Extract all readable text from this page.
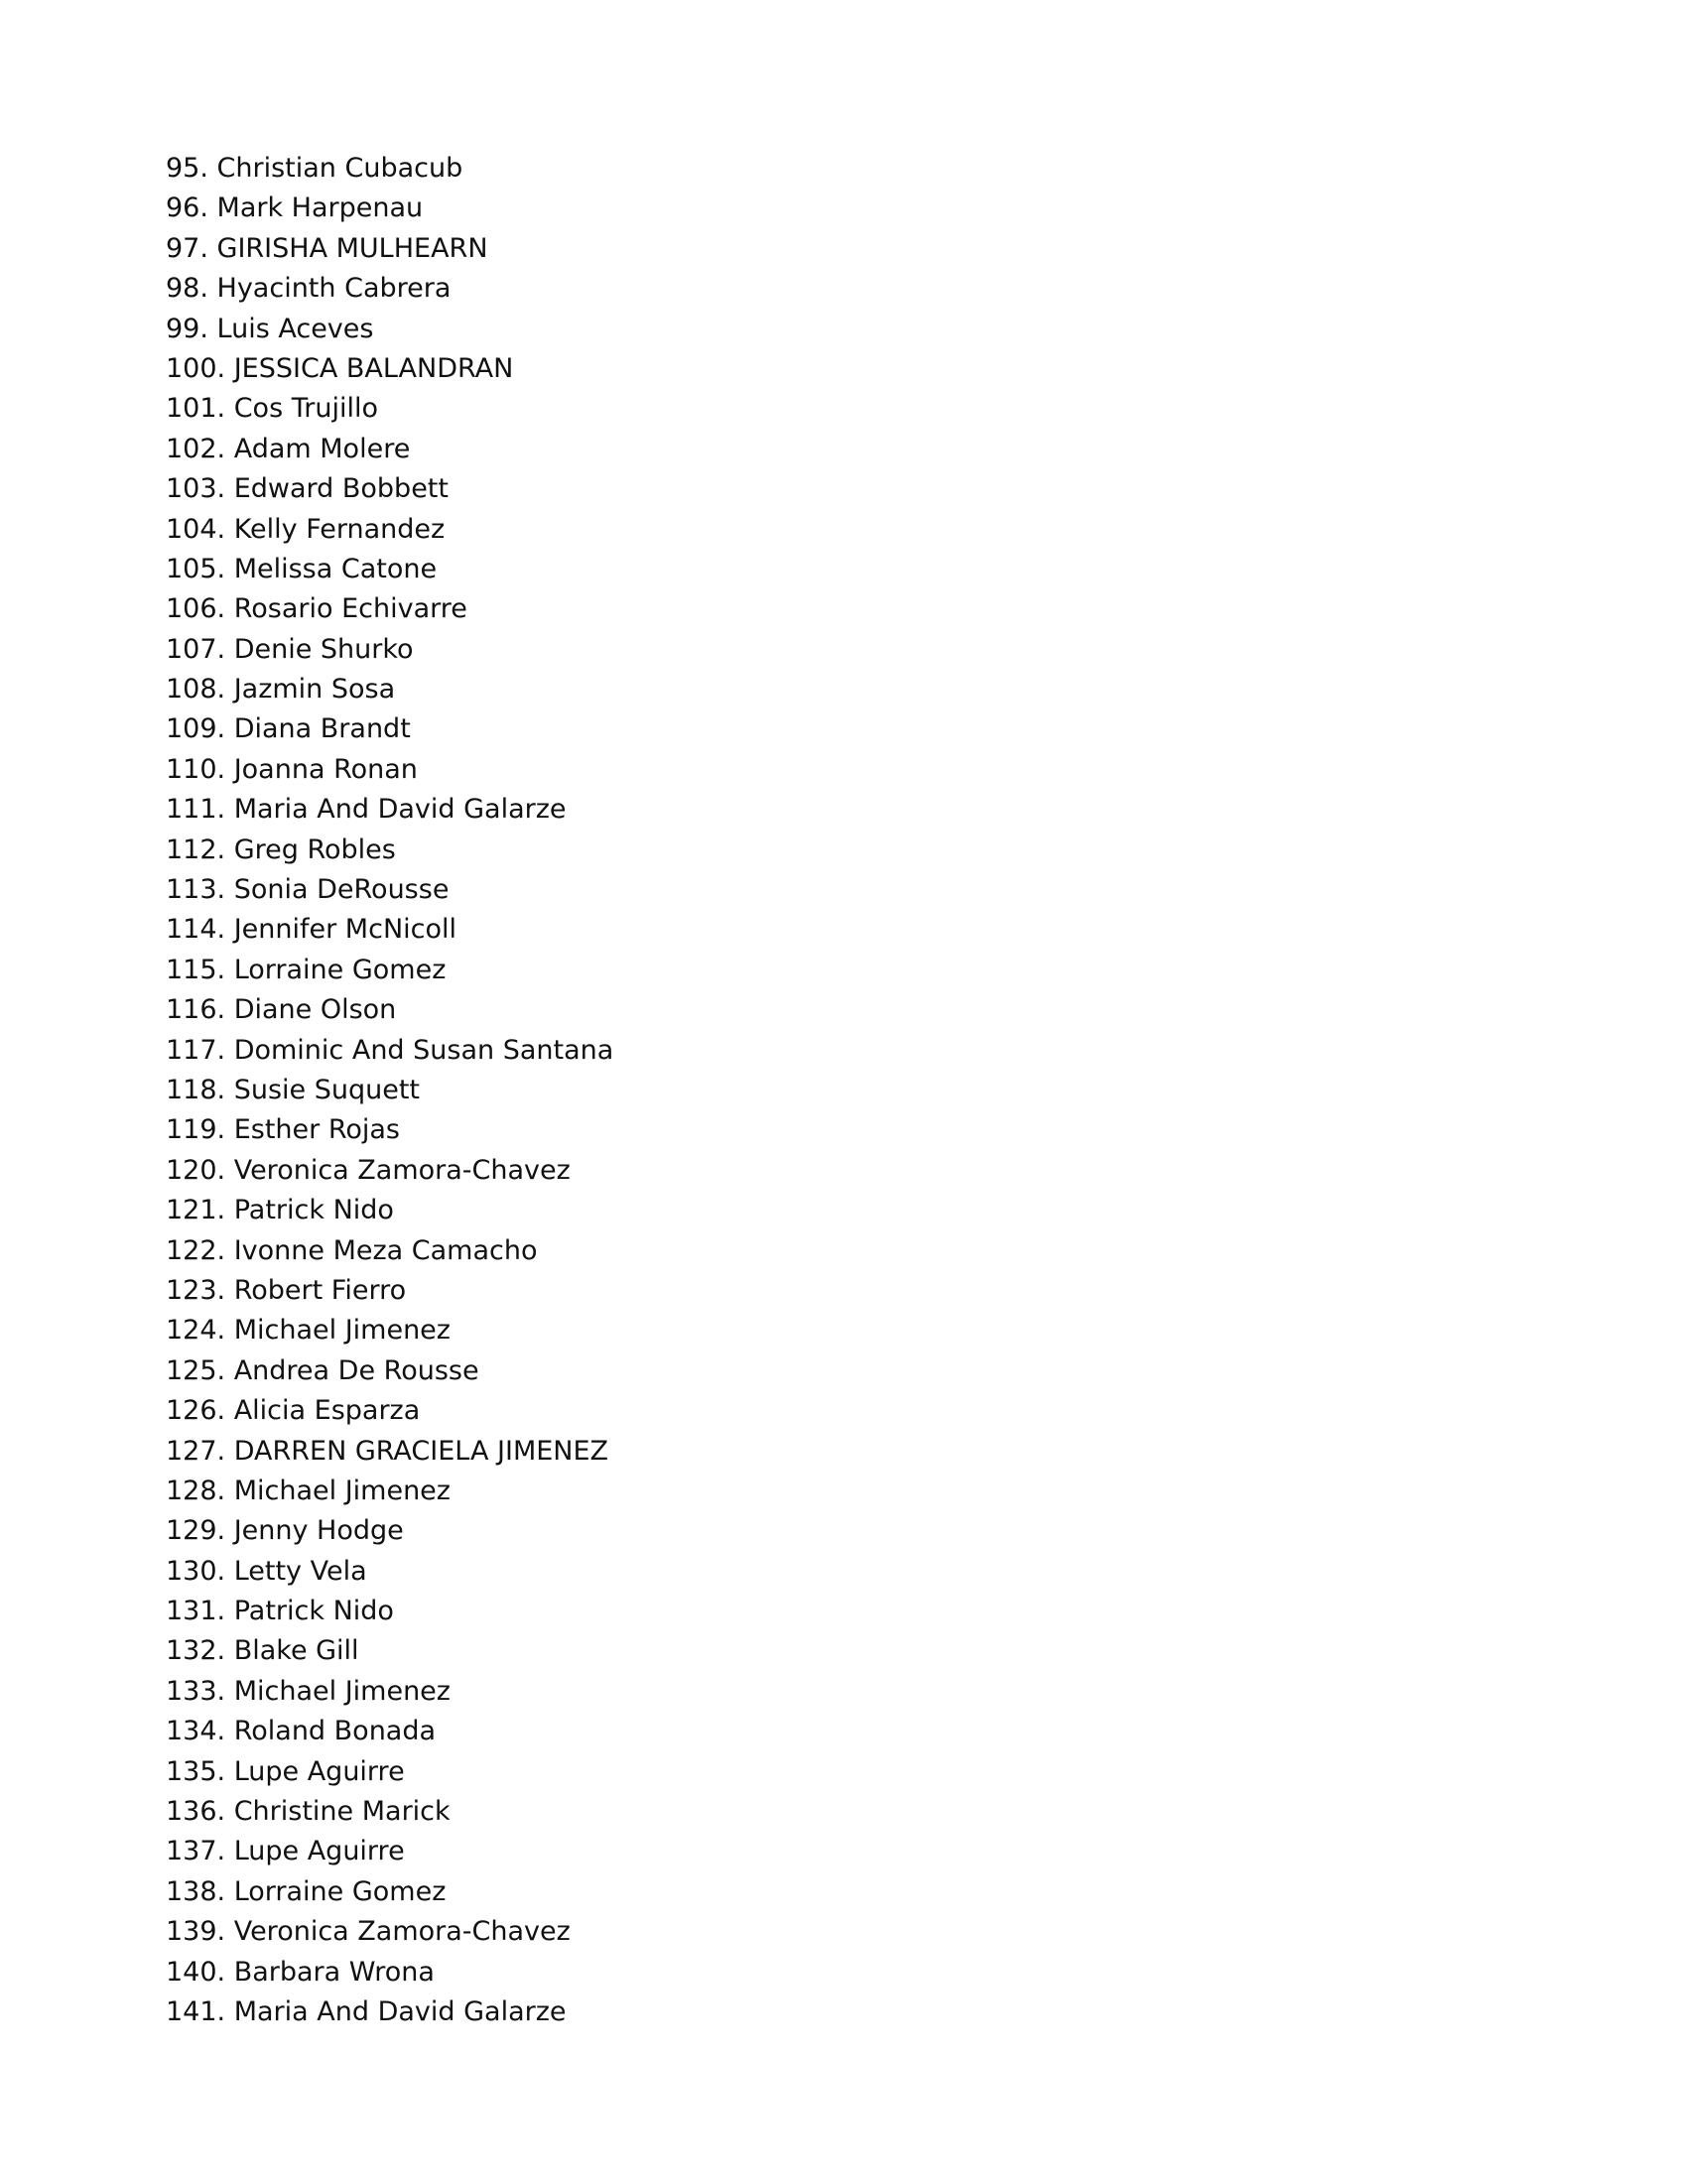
95. Christian Cubacub
96. Mark Harpenau
97. GIRISHA MULHEARN
98. Hyacinth Cabrera
99. Luis Aceves
100. JESSICA BALANDRAN
101. Cos Trujillo
102. Adam Molere
103. Edward Bobbett
104. Kelly Fernandez
105. Melissa Catone
106. Rosario Echivarre
107. Denie Shurko
108. Jazmin Sosa
109. Diana Brandt
110. Joanna Ronan
111. Maria And David Galarze
112. Greg Robles
113. Sonia DeRousse
114. Jennifer McNicoll
115. Lorraine Gomez
116. Diane Olson
117. Dominic And Susan Santana
118. Susie Suquett
119. Esther Rojas
120. Veronica Zamora-Chavez
121. Patrick Nido
122. Ivonne Meza Camacho
123. Robert Fierro
124. Michael Jimenez
125. Andrea De Rousse
126. Alicia Esparza
127. DARREN GRACIELA JIMENEZ
128. Michael Jimenez
129. Jenny Hodge
130. Letty Vela
131. Patrick Nido
132. Blake Gill
133. Michael Jimenez
134. Roland Bonada
135. Lupe Aguirre
136. Christine Marick
137. Lupe Aguirre
138. Lorraine Gomez
139. Veronica Zamora-Chavez
140. Barbara Wrona
141. Maria And David Galarze
